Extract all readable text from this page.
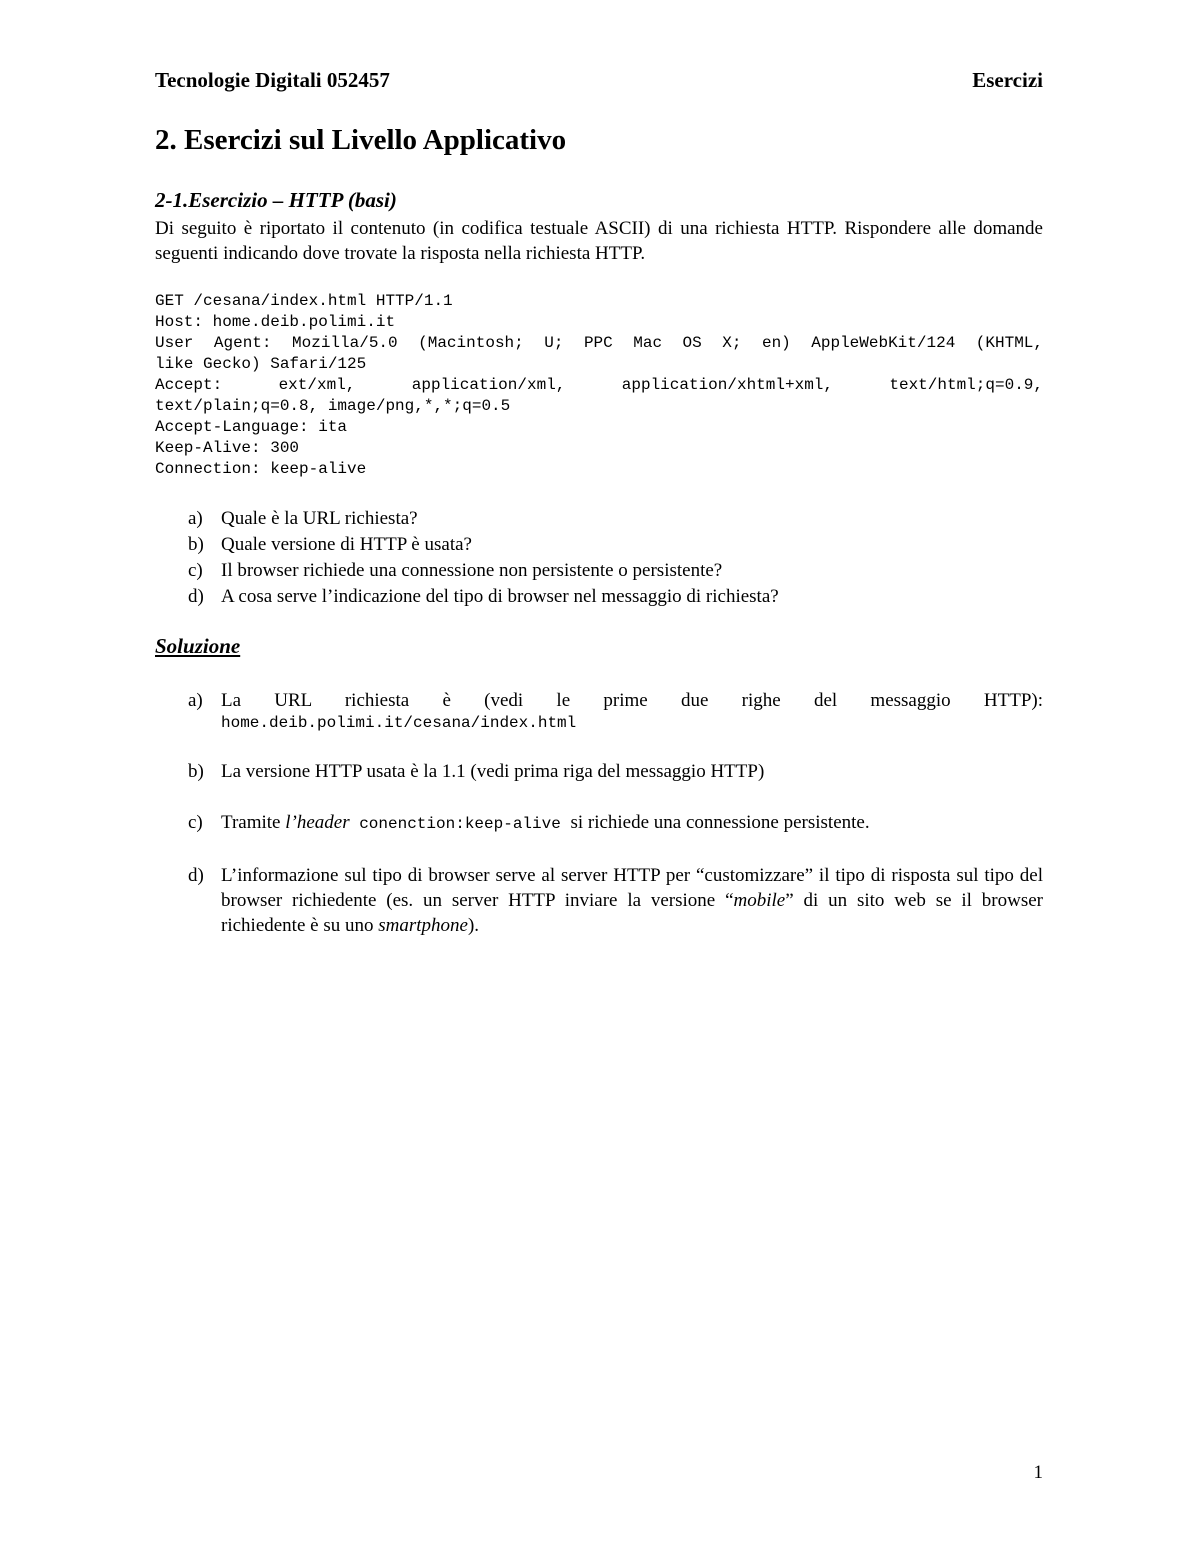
Tecnologie Digitali 052457	Esercizi
2. Esercizi sul Livello Applicativo
2-1.Esercizio – HTTP (basi)
Di seguito è riportato il contenuto (in codifica testuale ASCII) di una richiesta HTTP. Rispondere alle domande seguenti indicando dove trovate la risposta nella richiesta HTTP.
GET /cesana/index.html HTTP/1.1
Host: home.deib.polimi.it
User Agent: Mozilla/5.0 (Macintosh; U; PPC Mac OS X; en) AppleWebKit/124 (KHTML,
like Gecko) Safari/125
Accept: ext/xml, application/xml, application/xhtml+xml, text/html;q=0.9,
text/plain;q=0.8, image/png,*,*;q=0.5
Accept-Language: ita
Keep-Alive: 300
Connection: keep-alive
a) Quale è la URL richiesta?
b) Quale versione di HTTP è usata?
c) Il browser richiede una connessione non persistente o persistente?
d) A cosa serve l’indicazione del tipo di browser nel messaggio di richiesta?
Soluzione
a) La URL richiesta è (vedi le prime due righe del messaggio HTTP):
home.deib.polimi.it/cesana/index.html
b) La versione HTTP usata è la 1.1 (vedi prima riga del messaggio HTTP)
c) Tramite l’header conenction:keep-alive si richiede una connessione persistente.
d) L’informazione sul tipo di browser serve al server HTTP per “customizzare” il tipo di risposta sul tipo del browser richiedente (es. un server HTTP inviare la versione “mobile” di un sito web se il browser richiedente è su uno smartphone).
1
